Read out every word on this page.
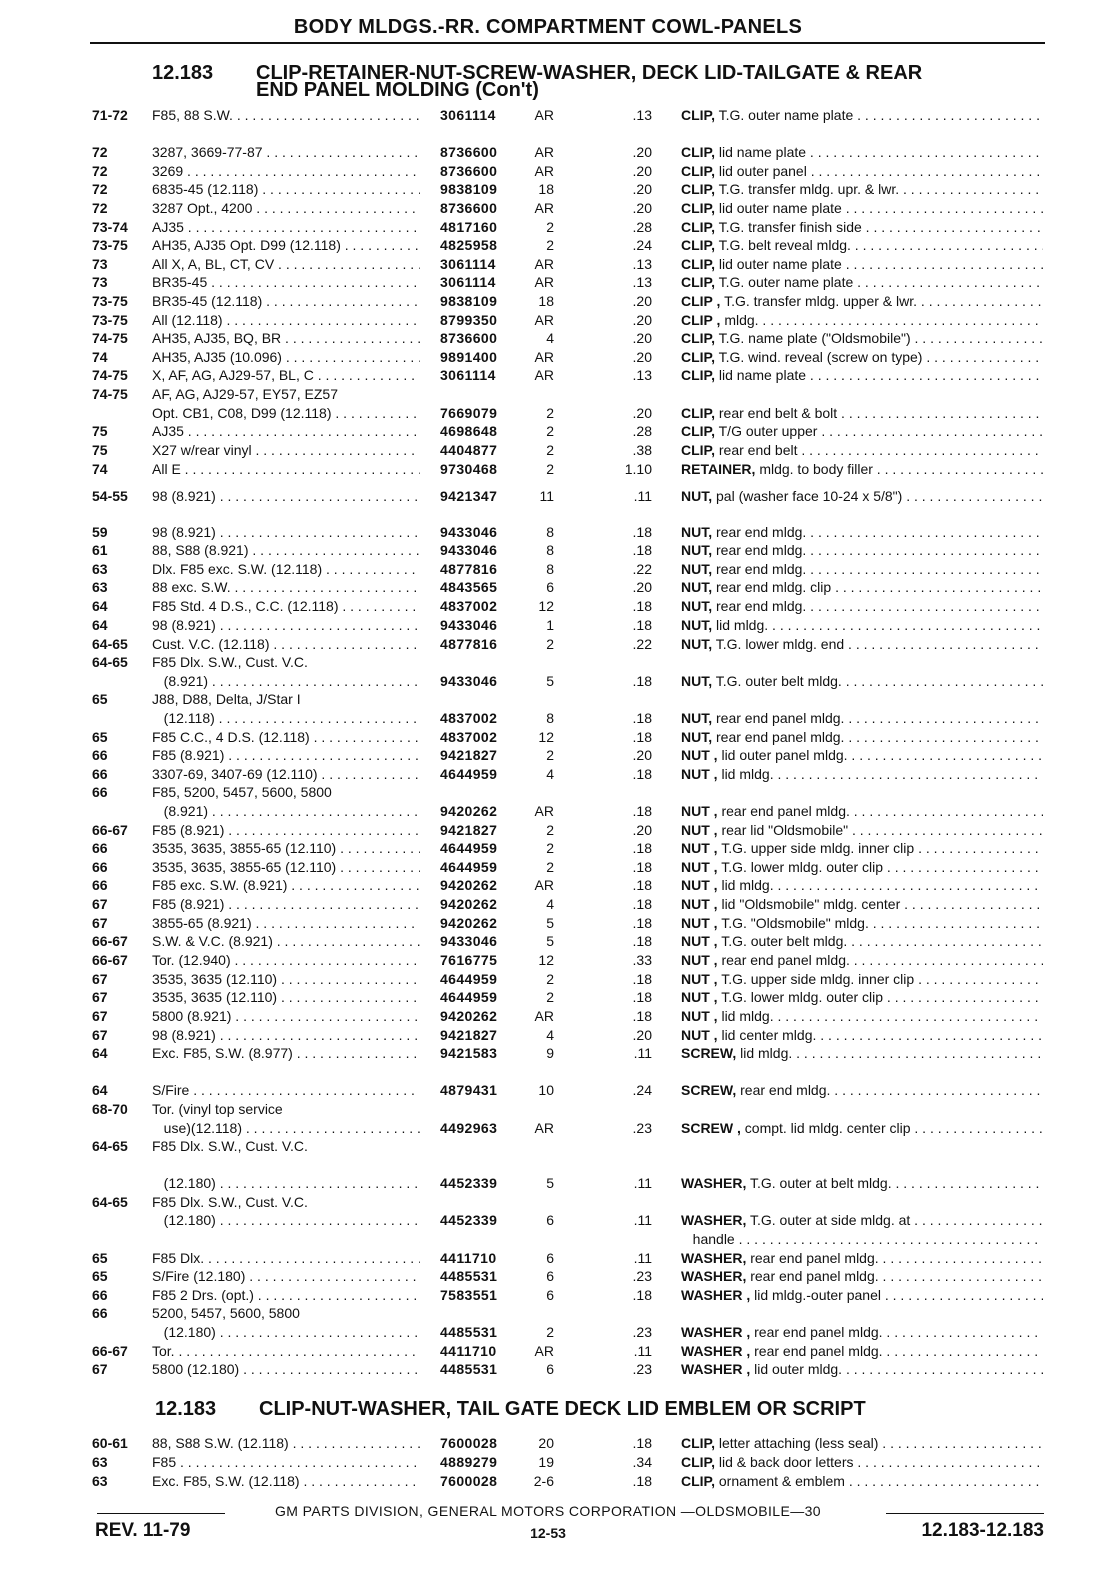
BODY MLDGS.-RR. COMPARTMENT COWL-PANELS
12.183 CLIP-RETAINER-NUT-SCREW-WASHER, DECK LID-TAILGATE & REAR
END PANEL MOLDING (Con't)
71-72 F85, 88 S.W. . . .	3061114	AR	.13 CLIP, T.G. outer name plate . . .
72	3287, 3669-77-87 . . .	8736600	AR	.20 CLIP, lid name plate . . .
72	3269 . . .	8736600	AR	.20 CLIP, lid outer panel . . .
72	6835-45 (12.118) . . .	9838109	18	.20 CLIP, T.G. transfer mldg. upr. & lwr. . . .
72	3287 Opt., 4200 . . .	8736600	AR	.20 CLIP, lid outer name plate . . .
73-74 AJ35 . . .	4817160	2	.28 CLIP, T.G. transfer finish side . . .
73-75 AH35, AJ35 Opt. D99 (12.118) . . .	4825958	2	.24 CLIP, T.G. belt reveal mldg. . . .
73	All X, A, BL, CT, CV . . .	3061114	AR	.13 CLIP, lid outer name plate . . .
73	BR35-45 . . .	3061114	AR	.13 CLIP, T.G. outer name plate . . .
73-75 BR35-45 (12.118) . . .	9838109	18	.20 CLIP , T.G. transfer mldg. upper & lwr. . . .
73-75 All (12.118) . . .	8799350	AR	.20 CLIP , mldg. . . .
74-75 AH35, AJ35, BQ, BR . . .	8736600	4	.20 CLIP, T.G. name plate ("Oldsmobile") . . .
74	AH35, AJ35 (10.096) . . .	9891400	AR	.20 CLIP, T.G. wind. reveal (screw on type) . . .
74-75 X, AF, AG, AJ29-57, BL, C . . .	3061114	AR	.13 CLIP, lid name plate . . .
74-75 AF, AG, AJ29-57, EY57, EZ57
Opt. CB1, C08, D99 (12.118) . . . .	7669079	2	.20 CLIP, rear end belt & bolt . . .
75	AJ35 . . .	4698648	2	.28 CLIP, T/G outer upper . . .
75	X27 w/rear vinyl . . .	4404877	2	.38 CLIP, rear end belt . . .
74	All E . . .	9730468	2	1.10 RETAINER, mldg. to body filler . . .
54-55 98 (8.921) . . .	9421347	11	.11 NUT, pal (washer face 10-24 x 5/8") . . .
59	98 (8.921) . . .	9433046	8	.18 NUT, rear end mldg. . . .
61	88, S88 (8.921) . . .	9433046	8	.18 NUT, rear end mldg. . . .
63	Dlx. F85 exc. S.W. (12.118) . . .	4877816	8	.22 NUT, rear end mldg. . . .
63	88 exc. S.W. . . .	4843565	6	.20 NUT, rear end mldg. clip . . .
64	F85 Std. 4 D.S., C.C. (12.118) . . . .	4837002	12	.18 NUT, rear end mldg. . . .
64	98 (8.921) . . .	9433046	1	.18 NUT, lid mldg. . . .
64-65 Cust. V.C. (12.118) . . .	4877816	2	.22 NUT, T.G. lower mldg. end . . .
64-65 F85 Dlx. S.W., Cust. V.C.
(8.921) . . .	9433046	5	.18 NUT, T.G. outer belt mldg. . . .
65	J88, D88, Delta, J/Star I
(12.118) . . .	4837002	8	.18 NUT, rear end panel mldg. . . .
65	F85 C.C., 4 D.S. (12.118) . . .	4837002	12	.18 NUT, rear end panel mldg. . . .
66	F85 (8.921) . . .	9421827	2	.20 NUT , lid outer panel mldg. . . .
66	3307-69, 3407-69 (12.110) . . .	4644959	4	.18 NUT , lid mldg. . . .
66	F85, 5200, 5457, 5600, 5800
(8.921) . . .	9420262	AR	.18 NUT , rear end panel mldg. . . .
66-67 F85 (8.921) . . .	9421827	2	.20 NUT , rear lid "Oldsmobile" . . .
66	3535, 3635, 3855-65 (12.110) . . .	4644959	2	.18 NUT , T.G. upper side mldg. inner clip . . .
66	3535, 3635, 3855-65 (12.110) . . .	4644959	2	.18 NUT , T.G. lower mldg. outer clip . . .
66	F85 exc. S.W. (8.921) . . .	9420262	AR	.18 NUT , lid mldg. . . .
67	F85 (8.921) . . .	9420262	4	.18 NUT , lid "Oldsmobile" mldg. center . . .
67	3855-65 (8.921) . . .	9420262	5	.18 NUT , T.G. "Oldsmobile" mldg. . . .
66-67 S.W. & V.C. (8.921) . . .	9433046	5	.18 NUT , T.G. outer belt mldg. . . .
66-67 Tor. (12.940) . . .	7616775	12	.33 NUT , rear end panel mldg. . . .
67	3535, 3635 (12.110) . . .	4644959	2	.18 NUT , T.G. upper side mldg. inner clip . . .
67	3535, 3635 (12.110) . . .	4644959	2	.18 NUT , T.G. lower mldg. outer clip . . .
67	5800 (8.921) . . .	9420262	AR	.18 NUT , lid mldg. . . .
67	98 (8.921) . . .	9421827	4	.20 NUT , lid center mldg. . . .
64	Exc. F85, S.W. (8.977) . . .	9421583	9	.11 SCREW, lid mldg. . . .
64	S/Fire . . .	4879431	10	.24 SCREW, rear end mldg. . . .
68-70 Tor. (vinyl top service
use)(12.118) . . .	4492963	AR	.23 SCREW , compt. lid mldg. center clip . . .
64-65 F85 Dlx. S.W., Cust. V.C.
(12.180) . . .	4452339	5	.11 WASHER, T.G. outer at belt mldg. . . .
64-65 F85 Dlx. S.W., Cust. V.C.
(12.180) . . .	4452339	6	.11 WASHER, T.G. outer at side mldg. at . . .
handle . . .
65	F85 Dlx. . . .	4411710	6	.11 WASHER, rear end panel mldg. . . .
65	S/Fire (12.180) . . .	4485531	6	.23 WASHER, rear end panel mldg. . . .
66	F85 2 Drs. (opt.) . . .	7583551	6	.18 WASHER , lid mldg.-outer panel . . .
66	5200, 5457, 5600, 5800
(12.180) . . .	4485531	2	.23 WASHER , rear end panel mldg. . . .
66-67 Tor. . . .	4411710	AR	.11 WASHER , rear end panel mldg. . . .
67	5800 (12.180) . . .	4485531	6	.23 WASHER , lid outer mldg. . . .
12.183 CLIP-NUT-WASHER, TAIL GATE DECK LID EMBLEM OR SCRIPT
60-61 88, S88 S.W. (12.118) . . .	7600028	20	.18 CLIP, letter attaching (less seal) . . .
63	F85 . . .	4889279	19	.34 CLIP, lid & back door letters . . .
63	Exc. F85, S.W. (12.118) . . .	7600028	2-6	.18 CLIP, ornament & emblem . . .
GM PARTS DIVISION, GENERAL MOTORS CORPORATION —OLDSMOBILE—30
REV. 11-79	12-53	12.183-12.183
